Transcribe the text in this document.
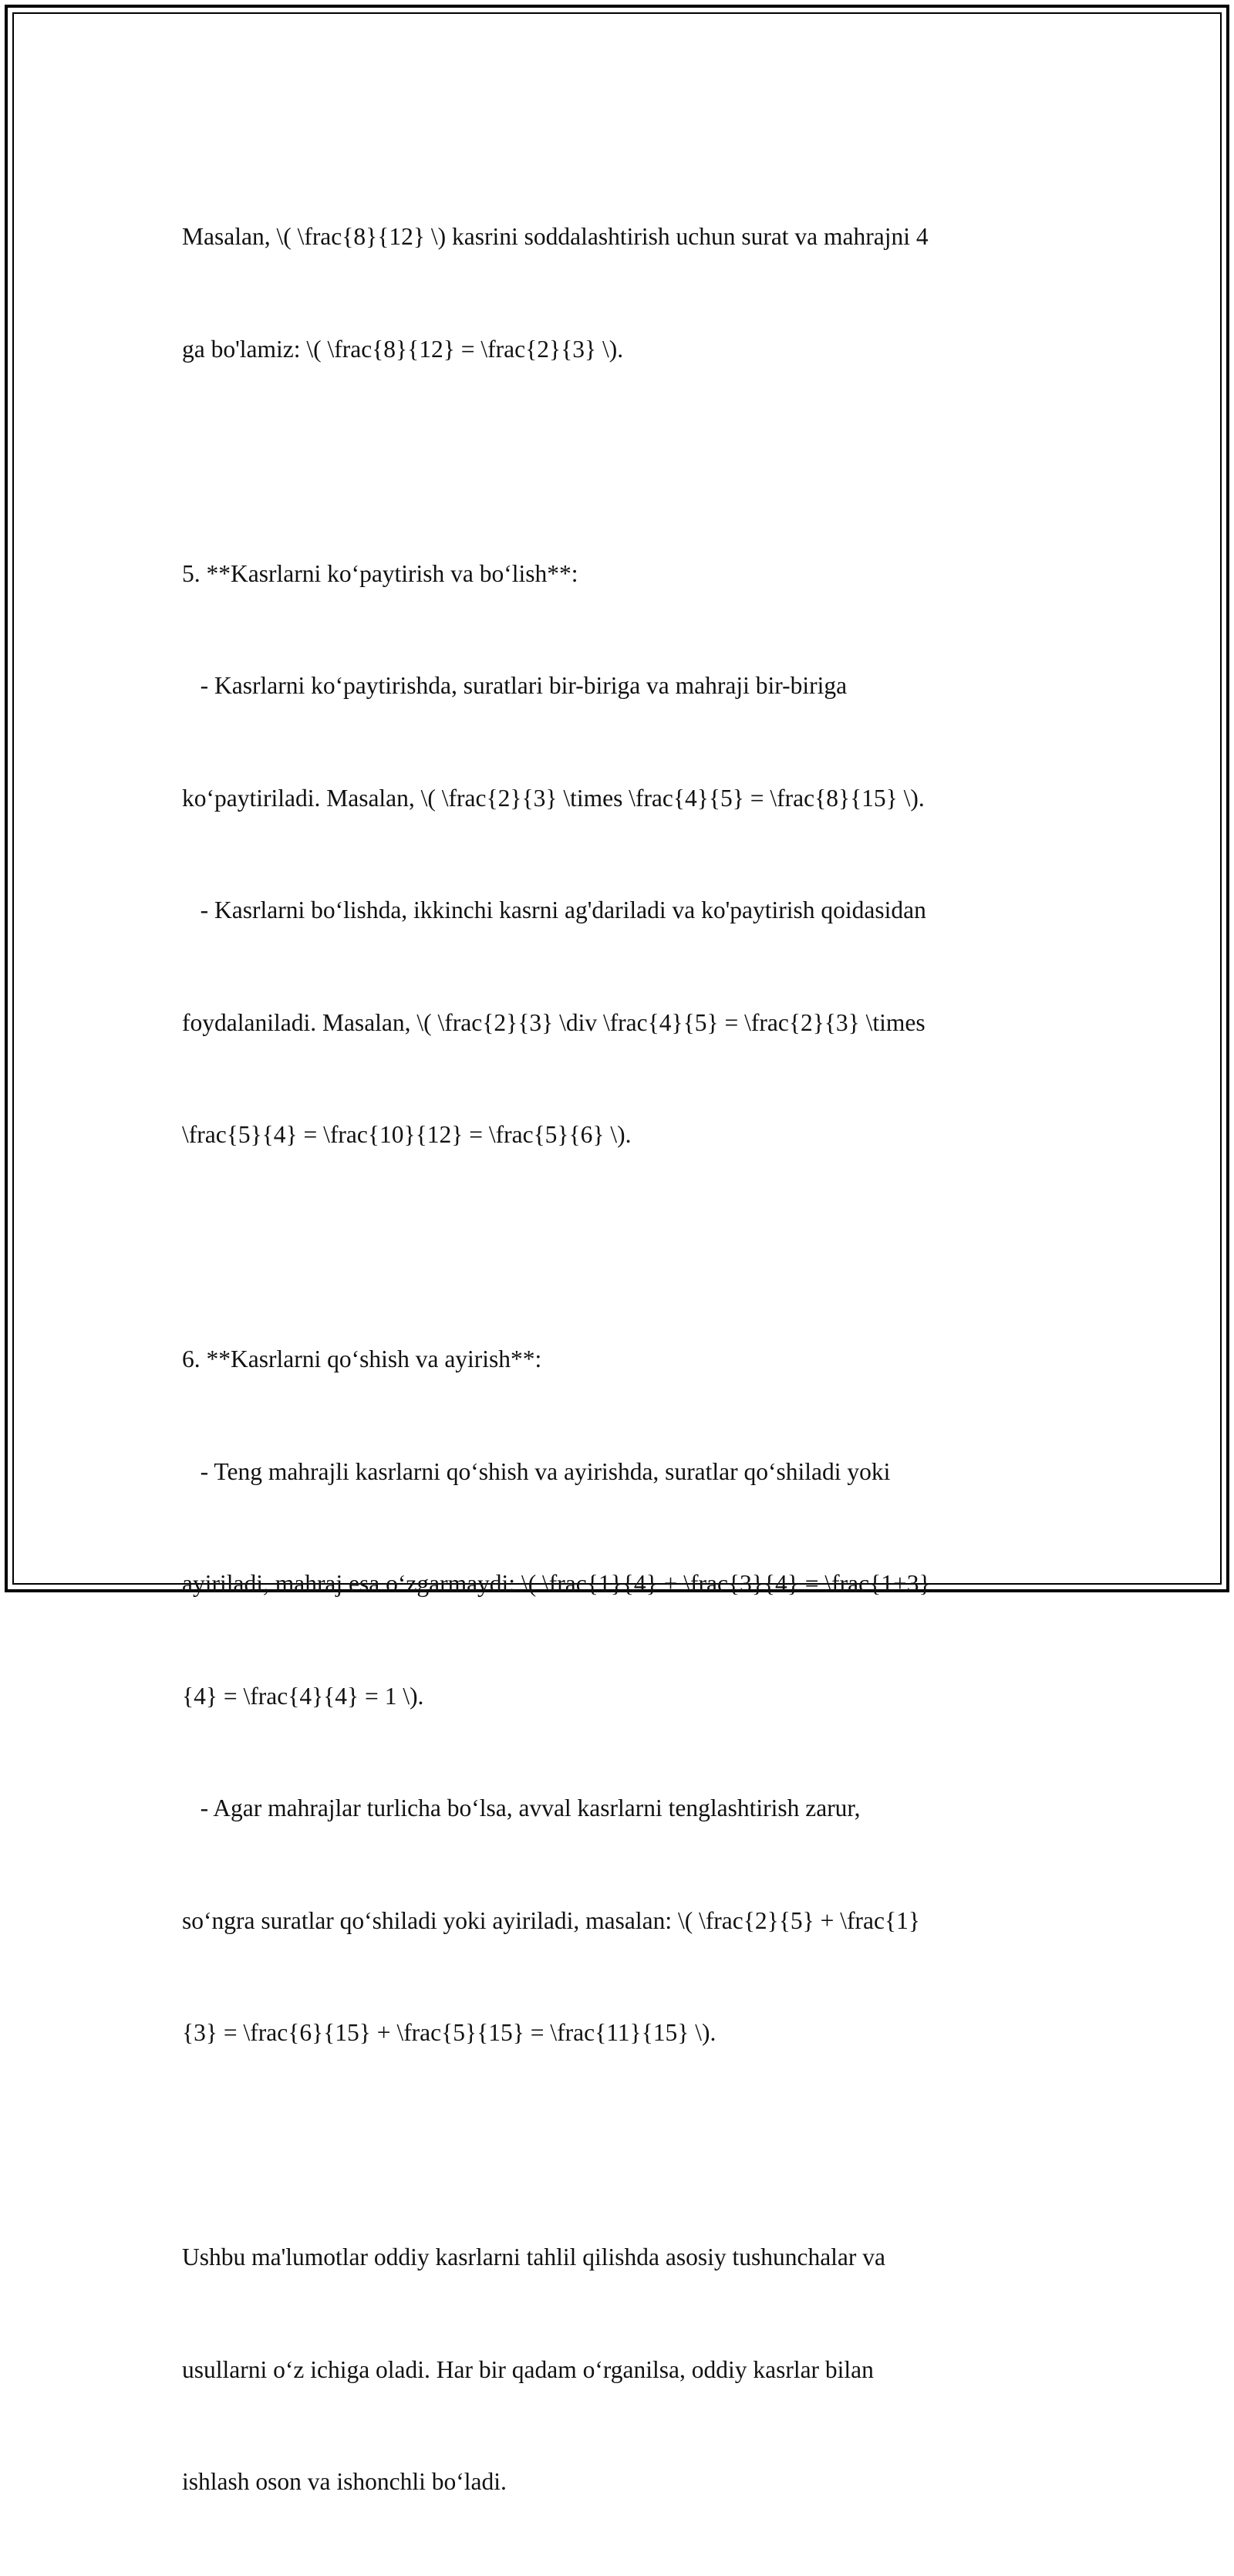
Masalan, \( \frac{8}{12} \) kasrini soddalashtirish uchun surat va mahrajni 4

ga bo'lamiz: \( \frac{8}{12} = \frac{2}{3} \).

5. **Kasrlarni ko‘paytirish va bo‘lish**:

- Kasrlarni ko‘paytirishda, suratlari bir-biriga va mahraji bir-biriga

ko‘paytiriladi. Masalan, \( \frac{2}{3} \times \frac{4}{5} = \frac{8}{15} \).

- Kasrlarni bo‘lishda, ikkinchi kasrni ag'dariladi va ko'paytirish qoidasidan

foydalaniladi. Masalan, \( \frac{2}{3} \div \frac{4}{5} = \frac{2}{3} \times

\frac{5}{4} = \frac{10}{12} = \frac{5}{6} \).

6. **Kasrlarni qo‘shish va ayirish**:

- Teng mahrajli kasrlarni qo‘shish va ayirishda, suratlar qo‘shiladi yoki

ayiriladi, mahraj esa o‘zgarmaydi: \( \frac{1}{4} + \frac{3}{4} = \frac{1+3}

{4} = \frac{4}{4} = 1 \).

- Agar mahrajlar turlicha bo‘lsa, avval kasrlarni tenglashtirish zarur,

so‘ngra suratlar qo‘shiladi yoki ayiriladi, masalan: \( \frac{2}{5} + \frac{1}

{3} = \frac{6}{15} + \frac{5}{15} = \frac{11}{15} \).

Ushbu ma'lumotlar oddiy kasrlarni tahlil qilishda asosiy tushunchalar va

usullarni o‘z ichiga oladi. Har bir qadam o‘rganilsa, oddiy kasrlar bilan

ishlash oson va ishonchli bo‘ladi.
